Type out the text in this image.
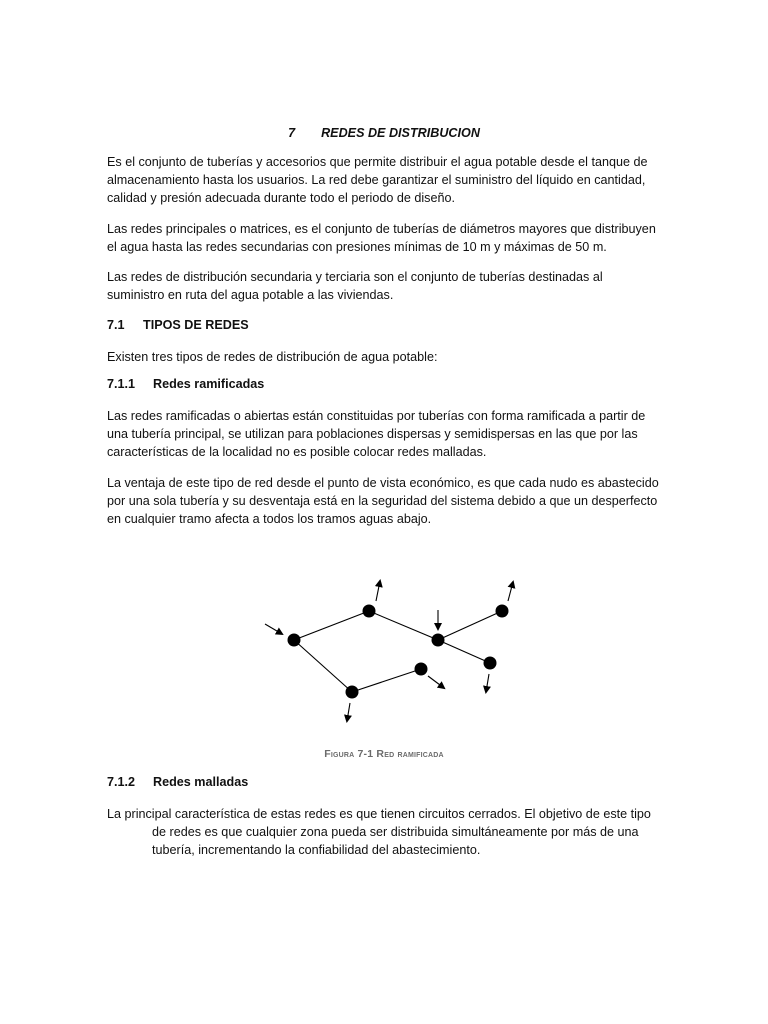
7 REDES DE DISTRIBUCION

Es el conjunto de tuberías y accesorios que permite distribuir el agua potable desde el tanque de almacenamiento hasta los usuarios. La red debe garantizar el suministro del líquido en cantidad, calidad y presión adecuada durante todo el periodo de diseño.

Las redes principales o matrices, es el conjunto de tuberías de diámetros mayores que distribuyen el agua hasta las redes secundarias con presiones mínimas de 10 m y máximas de 50 m.

Las redes de distribución secundaria y terciaria son el conjunto de tuberías destinadas al suministro en ruta del agua potable a las viviendas.

7.1 TIPOS DE REDES

Existen tres tipos de redes de distribución de agua potable:

7.1.1 Redes ramificadas

Las redes ramificadas o abiertas están constituidas por tuberías con forma ramificada a partir de una tubería principal, se utilizan para poblaciones dispersas y semidispersas en las que por las características de la localidad no es posible colocar redes malladas.

La ventaja de este tipo de red desde el punto de vista económico, es que cada nudo es abastecido por una sola tubería y su desventaja está en la seguridad del sistema debido a que un desperfecto en cualquier tramo afecta a todos los tramos aguas abajo.

Figura 7-1 Red ramificada
7.1.2 Redes malladas
La principal característica de estas redes es que tienen circuitos cerrados. El objetivo de este tipo
de redes es que cualquier zona pueda ser distribuida simultáneamente por más de una tubería, incrementando la confiabilidad del abastecimiento.
